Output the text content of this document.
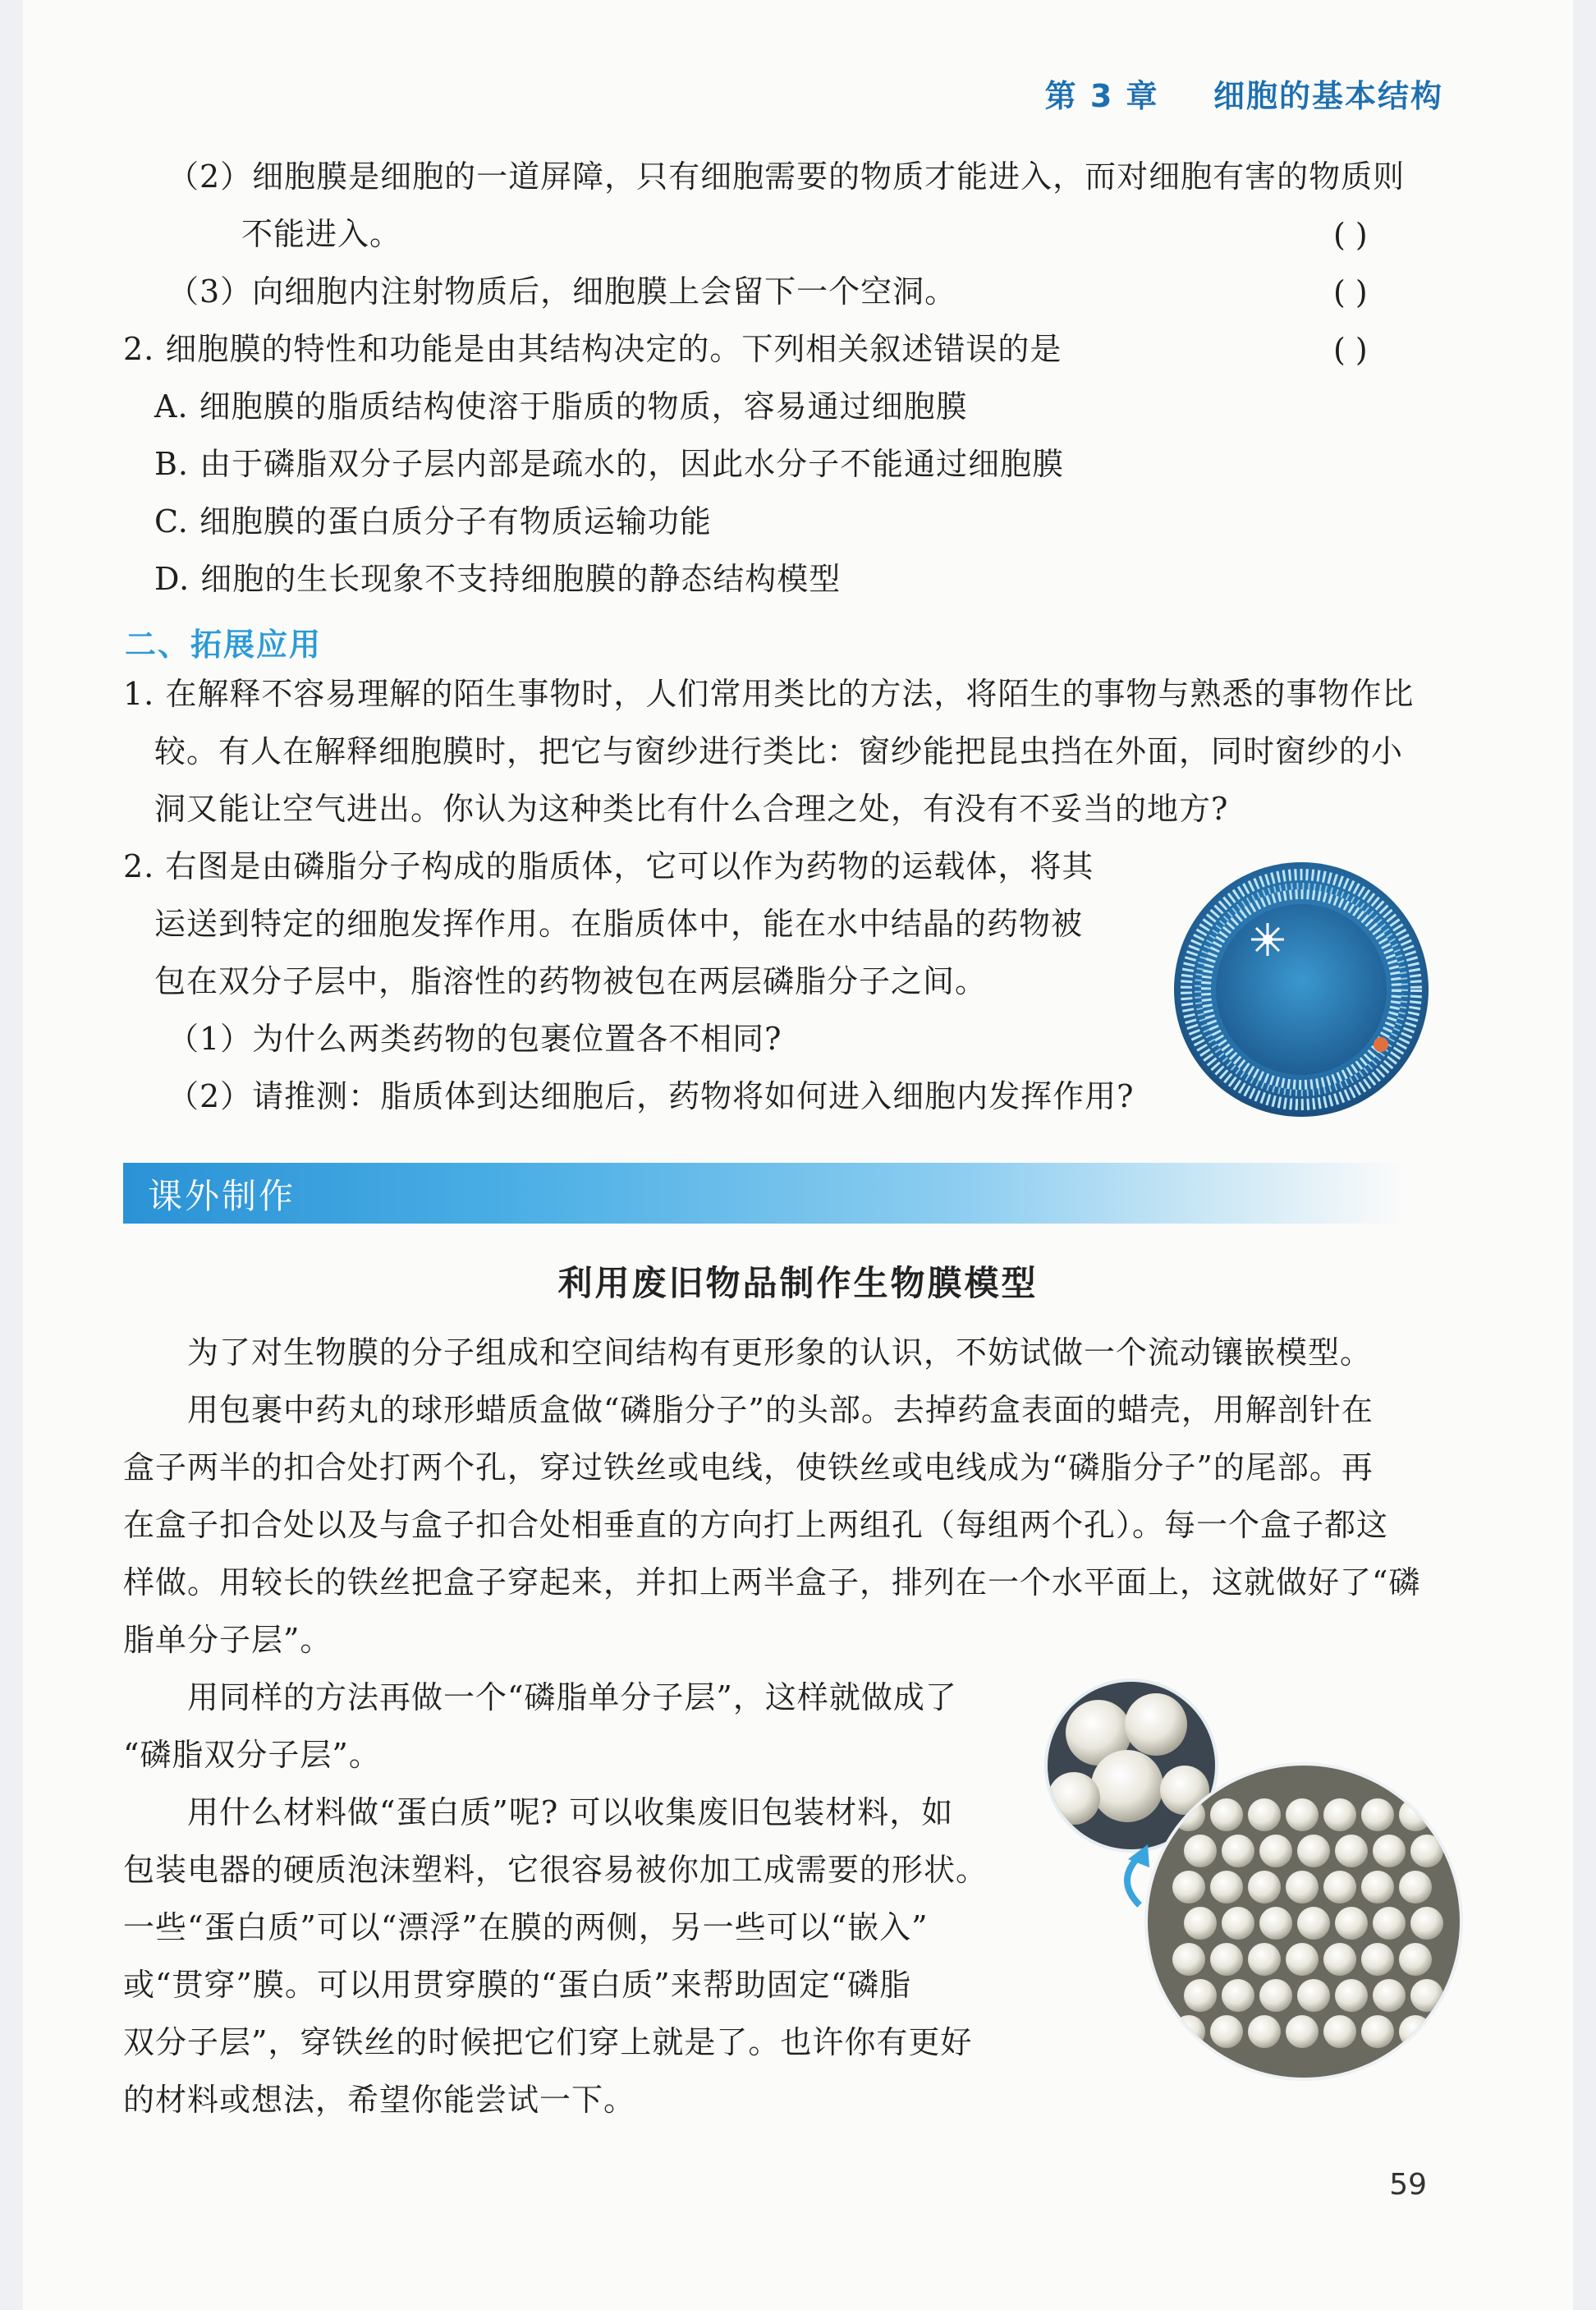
第 3 章 细胞的基本结构
（2）细胞膜是细胞的一道屏障，只有细胞需要的物质才能进入，而对细胞有害的物质则
不能进入。	( )
（3）向细胞内注射物质后，细胞膜上会留下一个空洞。	( )
2. 细胞膜的特性和功能是由其结构决定的。下列相关叙述错误的是	( )
A. 细胞膜的脂质结构使溶于脂质的物质，容易通过细胞膜
B. 由于磷脂双分子层内部是疏水的，因此水分子不能通过细胞膜
C. 细胞膜的蛋白质分子有物质运输功能
D. 细胞的生长现象不支持细胞膜的静态结构模型
二、拓展应用
1. 在解释不容易理解的陌生事物时，人们常用类比的方法，将陌生的事物与熟悉的事物作比
较。有人在解释细胞膜时，把它与窗纱进行类比：窗纱能把昆虫挡在外面，同时窗纱的小
洞又能让空气进出。你认为这种类比有什么合理之处，有没有不妥当的地方?
2. 右图是由磷脂分子构成的脂质体，它可以作为药物的运载体，将其
运送到特定的细胞发挥作用。在脂质体中，能在水中结晶的药物被
包在双分子层中，脂溶性的药物被包在两层磷脂分子之间。
（1）为什么两类药物的包裹位置各不相同?
（2）请推测：脂质体到达细胞后，药物将如何进入细胞内发挥作用?
课外制作
利用废旧物品制作生物膜模型
为了对生物膜的分子组成和空间结构有更形象的认识，不妨试做一个流动镶嵌模型。
用包裹中药丸的球形蜡质盒做“磷脂分子”的头部。去掉药盒表面的蜡壳，用解剖针在
盒子两半的扣合处打两个孔，穿过铁丝或电线，使铁丝或电线成为“磷脂分子”的尾部。再
在盒子扣合处以及与盒子扣合处相垂直的方向打上两组孔（每组两个孔）。每一个盒子都这
样做。用较长的铁丝把盒子穿起来，并扣上两半盒子，排列在一个水平面上，这就做好了“磷
脂单分子层”。
用同样的方法再做一个“磷脂单分子层”，这样就做成了
“磷脂双分子层”。
用什么材料做“蛋白质”呢? 可以收集废旧包装材料，如
包装电器的硬质泡沫塑料，它很容易被你加工成需要的形状。
一些“蛋白质”可以“漂浮”在膜的两侧，另一些可以“嵌入”
或“贯穿”膜。可以用贯穿膜的“蛋白质”来帮助固定“磷脂
双分子层”，穿铁丝的时候把它们穿上就是了。也许你有更好
的材料或想法，希望你能尝试一下。
59
